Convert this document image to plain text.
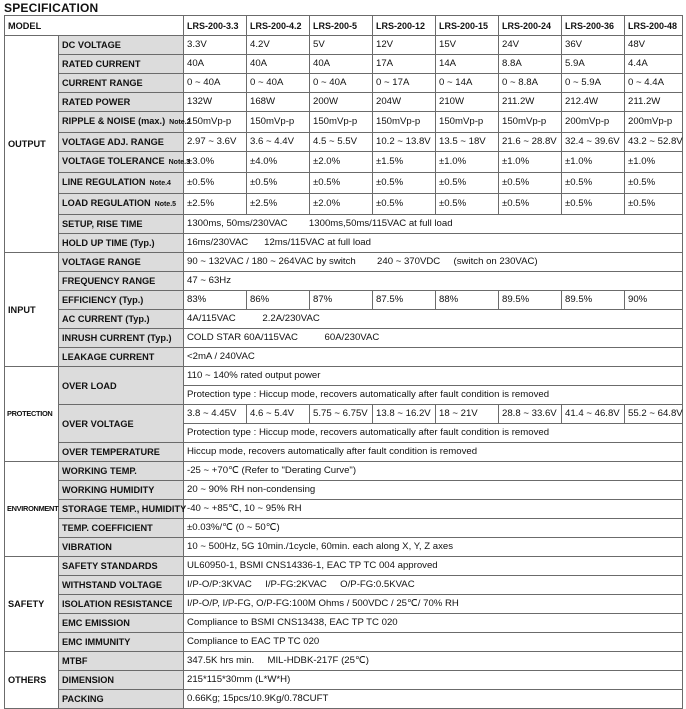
SPECIFICATION
MODEL		LRS-200-3.3	LRS-200-4.2	LRS-200-5	LRS-200-12	LRS-200-15	LRS-200-24	LRS-200-36	LRS-200-48
OUTPUT	DC VOLTAGE	3.3V	4.2V	5V	12V	15V	24V	36V	48V
	RATED CURRENT	40A	40A	40A	17A	14A	8.8A	5.9A	4.4A
	CURRENT RANGE	0 ~ 40A	0 ~ 40A	0 ~ 40A	0 ~ 17A	0 ~ 14A	0 ~ 8.8A	0 ~ 5.9A	0 ~ 4.4A
	RATED POWER	132W	168W	200W	204W	210W	211.2W	212.4W	211.2W
	RIPPLE & NOISE (max.) Note.2	150mVp-p	150mVp-p	150mVp-p	150mVp-p	150mVp-p	150mVp-p	200mVp-p	200mVp-p
	VOLTAGE ADJ. RANGE	2.97 ~ 3.6V	3.6 ~ 4.4V	4.5 ~ 5.5V	10.2 ~ 13.8V	13.5 ~ 18V	21.6 ~ 28.8V	32.4 ~ 39.6V	43.2 ~ 52.8V
	VOLTAGE TOLERANCE Note.3	±3.0%	±4.0%	±2.0%	±1.5%	±1.0%	±1.0%	±1.0%	±1.0%
	LINE REGULATION Note.4	±0.5%	±0.5%	±0.5%	±0.5%	±0.5%	±0.5%	±0.5%	±0.5%
	LOAD REGULATION Note.5	±2.5%	±2.5%	±2.0%	±0.5%	±0.5%	±0.5%	±0.5%	±0.5%
	SETUP, RISE TIME	1300ms, 50ms/230VAC        1300ms,50ms/115VAC at full load							
	HOLD UP TIME (Typ.)	16ms/230VAC      12ms/115VAC at full load							
INPUT	VOLTAGE RANGE	90 ~ 132VAC / 180 ~ 264VAC by switch        240 ~ 370VDC     (switch on 230VAC)							
	FREQUENCY RANGE	47 ~ 63Hz							
	EFFICIENCY (Typ.)	83%	86%	87%	87.5%	88%	89.5%	89.5%	90%
	AC CURRENT (Typ.)	4A/115VAC          2.2A/230VAC							
	INRUSH CURRENT (Typ.)	COLD STAR 60A/115VAC          60A/230VAC							
	LEAKAGE CURRENT	<2mA / 240VAC							
PROTECTION	OVER LOAD	110 ~ 140% rated output power							
		Protection type : Hiccup mode, recovers automatically after fault condition is removed							
	OVER VOLTAGE	3.8 ~ 4.45V	4.6 ~ 5.4V	5.75 ~ 6.75V	13.8 ~ 16.2V	18 ~ 21V	28.8 ~ 33.6V	41.4 ~ 46.8V	55.2 ~ 64.8V
		Protection type : Hiccup mode, recovers automatically after fault condition is removed							
	OVER TEMPERATURE	Hiccup mode, recovers automatically after fault condition is removed							
ENVIRONMENT	WORKING TEMP.	-25 ~ +70℃ (Refer to "Derating Curve")							
	WORKING HUMIDITY	20 ~ 90% RH non-condensing							
	STORAGE TEMP., HUMIDITY	-40 ~ +85℃, 10 ~ 95% RH							
	TEMP. COEFFICIENT	±0.03%/℃ (0 ~ 50℃)							
	VIBRATION	10 ~ 500Hz, 5G 10min./1cycle, 60min. each along X, Y, Z axes							
SAFETY	SAFETY STANDARDS	UL60950-1, BSMI CNS14336-1, EAC TP TC 004 approved							
	WITHSTAND VOLTAGE	I/P-O/P:3KVAC     I/P-FG:2KVAC     O/P-FG:0.5KVAC							
	ISOLATION RESISTANCE	I/P-O/P, I/P-FG, O/P-FG:100M Ohms / 500VDC / 25℃/ 70% RH							
	EMC EMISSION	Compliance to BSMI CNS13438, EAC TP TC 020							
	EMC IMMUNITY	Compliance to EAC TP TC 020							
OTHERS	MTBF	347.5K hrs min.     MIL-HDBK-217F (25℃)							
	DIMENSION	215*115*30mm (L*W*H)							
	PACKING	0.66Kg; 15pcs/10.9Kg/0.78CUFT							
